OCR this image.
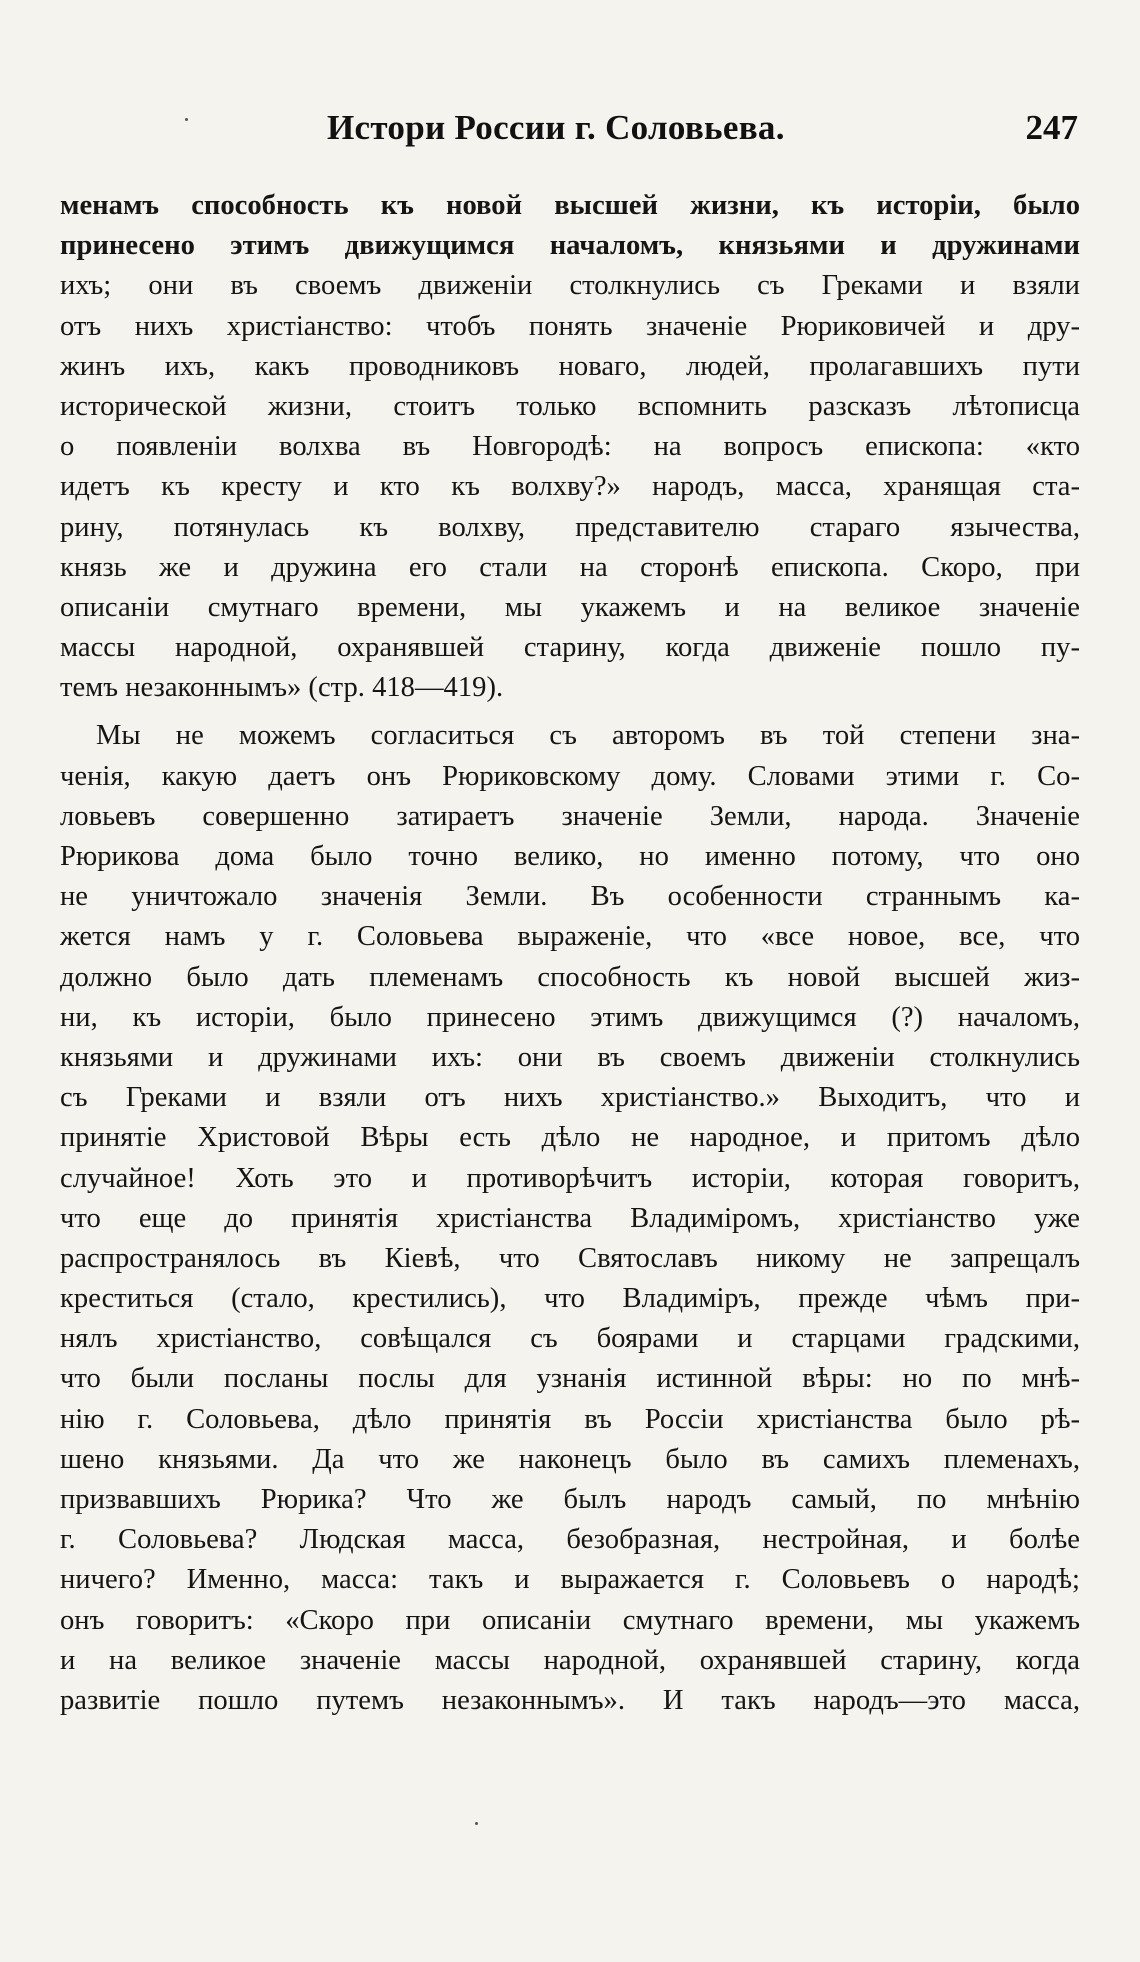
Истори России г. Соловьева.	247
менамъ способность къ новой высшей жизни, къ исторіи, было
принесено этимъ движущимся началомъ, князьями и дружинами
ихъ; они въ своемъ движеніи столкнулись съ Греками и взяли
отъ нихъ христіанство: чтобъ понять значеніе Рюриковичей и дру-
жинъ ихъ, какъ проводниковъ новаго, людей, пролагавшихъ пути
исторической жизни, стоитъ только вспомнить разсказъ лѣтописца
о появленіи волхва въ Новгородѣ: на вопросъ епископа: «кто
идетъ къ кресту и кто къ волхву?» народъ, масса, хранящая ста-
рину, потянулась къ волхву, представителю стараго язычества,
князь же и дружина его стали на сторонѣ епископа. Скоро, при
описаніи смутнаго времени, мы укажемъ и на великое значеніе
массы народной, охранявшей старину, когда движеніе пошло пу-
темъ незаконнымъ» (стр. 418—419).
Мы не можемъ согласиться съ авторомъ въ той степени зна-
ченія, какую даетъ онъ Рюриковскому дому. Словами этими г. Со-
ловьевъ совершенно затираетъ значеніе Земли, народа. Значеніе
Рюрикова дома было точно велико, но именно потому, что оно
не уничтожало значенія Земли. Въ особенности страннымъ ка-
жется намъ у г. Соловьева выраженіе, что «все новое, все, что
должно было дать племенамъ способность къ новой высшей жиз-
ни, къ исторіи, было принесено этимъ движущимся (?) началомъ,
князьями и дружинами ихъ: они въ своемъ движеніи столкнулись
съ Греками и взяли отъ нихъ христіанство.» Выходитъ, что и
принятіе Христовой Вѣры есть дѣло не народное, и притомъ дѣло
случайное! Хоть это и противорѣчитъ исторіи, которая говоритъ,
что еще до принятія христіанства Владиміромъ, христіанство уже
распространялось въ Кіевѣ, что Святославъ никому не запрещалъ
креститься (стало, крестились), что Владиміръ, прежде чѣмъ при-
нялъ христіанство, совѣщался съ боярами и старцами градскими,
что были посланы послы для узнанія истинной вѣры: но по мнѣ-
нію г. Соловьева, дѣло принятія въ Россіи христіанства было рѣ-
шено князьями. Да что же наконецъ было въ самихъ племенахъ,
призвавшихъ Рюрика? Что же былъ народъ самый, по мнѣнію
г. Соловьева? Людская масса, безобразная, нестройная, и болѣе
ничего? Именно, масса: такъ и выражается г. Соловьевъ о народѣ;
онъ говоритъ: «Скоро при описаніи смутнаго времени, мы укажемъ
и на великое значеніе массы народной, охранявшей старину, когда
развитіе пошло путемъ незаконнымъ». И такъ народъ—это масса,
